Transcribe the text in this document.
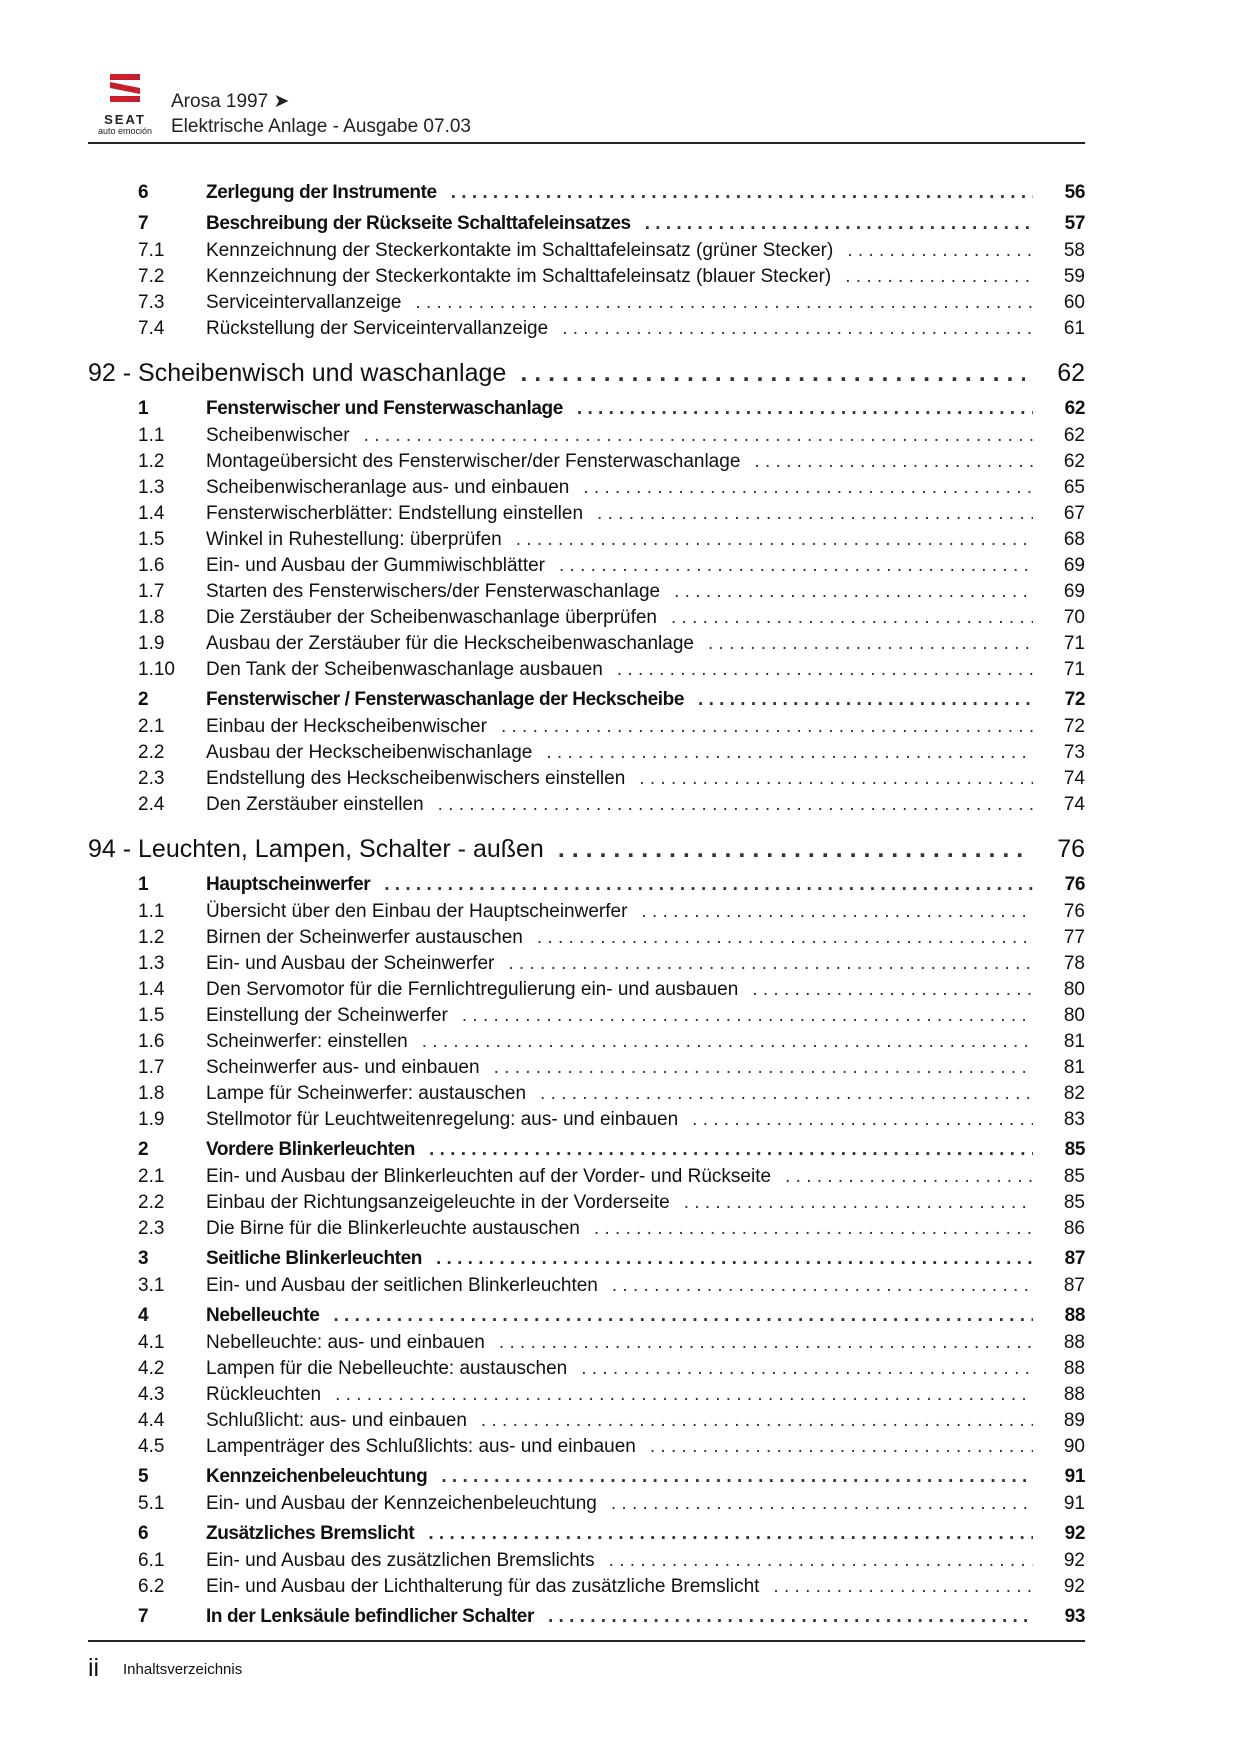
SEAT
auto emoción
Arosa 1997 ➤
Elektrische Anlage - Ausgabe 07.03
6	Zerlegung der Instrumente . . .	56
7	Beschreibung der Rückseite Schalttafeleinsatzes . . .	57
7.1 Kennzeichnung der Steckerkontakte im Schalttafeleinsatz (grüner Stecker) . . .	58
7.2 Kennzeichnung der Steckerkontakte im Schalttafeleinsatz (blauer Stecker) . . .	59
7.3 Serviceintervallanzeige . . .	60
7.4 Rückstellung der Serviceintervallanzeige . . .	61
92 - Scheibenwisch und waschanlage . . .	62
1	Fensterwischer und Fensterwaschanlage . . .	62
1.1 Scheibenwischer . . .	62
1.2 Montageübersicht des Fensterwischer/der Fensterwaschanlage . . .	62
1.3 Scheibenwischeranlage aus- und einbauen . . .	65
1.4 Fensterwischerblätter: Endstellung einstellen . . .	67
1.5 Winkel in Ruhestellung: überprüfen . . .	68
1.6 Ein- und Ausbau der Gummiwischblätter . . .	69
1.7 Starten des Fensterwischers/der Fensterwaschanlage . . .	69
1.8 Die Zerstäuber der Scheibenwaschanlage überprüfen . . .	70
1.9 Ausbau der Zerstäuber für die Heckscheibenwaschanlage . . .	71
1.10 Den Tank der Scheibenwaschanlage ausbauen . . .	71
2	Fensterwischer / Fensterwaschanlage der Heckscheibe . . .	72
2.1 Einbau der Heckscheibenwischer . . .	72
2.2 Ausbau der Heckscheibenwischanlage . . .	73
2.3 Endstellung des Heckscheibenwischers einstellen . . .	74
2.4 Den Zerstäuber einstellen . . .	74
94 - Leuchten, Lampen, Schalter - außen . . .	76
1	Hauptscheinwerfer . . .	76
1.1 Übersicht über den Einbau der Hauptscheinwerfer . . .	76
1.2 Birnen der Scheinwerfer austauschen . . .	77
1.3 Ein- und Ausbau der Scheinwerfer . . .	78
1.4 Den Servomotor für die Fernlichtregulierung ein- und ausbauen . . .	80
1.5 Einstellung der Scheinwerfer . . .	80
1.6 Scheinwerfer: einstellen . . .	81
1.7 Scheinwerfer aus- und einbauen . . .	81
1.8 Lampe für Scheinwerfer: austauschen . . .	82
1.9 Stellmotor für Leuchtweitenregelung: aus- und einbauen . . .	83
2	Vordere Blinkerleuchten . . .	85
2.1 Ein- und Ausbau der Blinkerleuchten auf der Vorder- und Rückseite . . .	85
2.2 Einbau der Richtungsanzeigeleuchte in der Vorderseite . . .	85
2.3 Die Birne für die Blinkerleuchte austauschen . . .	86
3	Seitliche Blinkerleuchten . . .	87
3.1 Ein- und Ausbau der seitlichen Blinkerleuchten . . .	87
4	Nebelleuchte . . .	88
4.1 Nebelleuchte: aus- und einbauen . . .	88
4.2 Lampen für die Nebelleuchte: austauschen . . .	88
4.3 Rückleuchten . . .	88
4.4 Schlußlicht: aus- und einbauen . . .	89
4.5 Lampenträger des Schlußlichts: aus- und einbauen . . .	90
5	Kennzeichenbeleuchtung . . .	91
5.1 Ein- und Ausbau der Kennzeichenbeleuchtung . . .	91
6	Zusätzliches Bremslicht . . .	92
6.1 Ein- und Ausbau des zusätzlichen Bremslichts . . .	92
6.2 Ein- und Ausbau der Lichthalterung für das zusätzliche Bremslicht . . .	92
7	In der Lenksäule befindlicher Schalter . . .	93
ii Inhaltsverzeichnis
